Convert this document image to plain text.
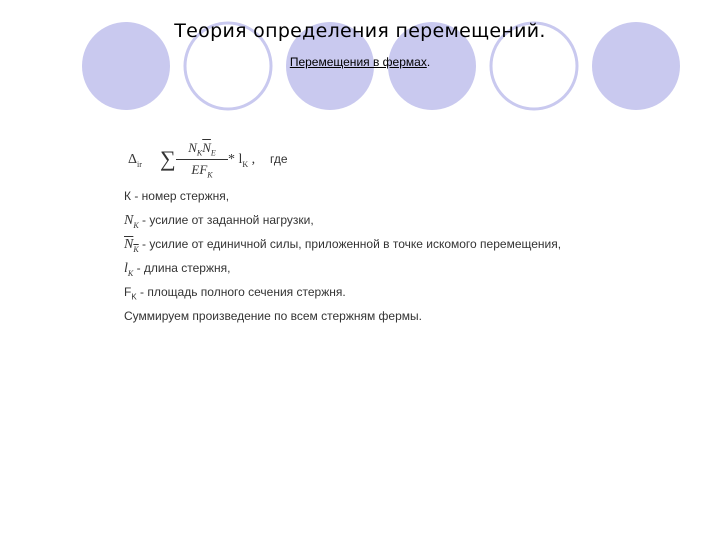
Теория определения перемещений.
Перемещения в фермах.
$\Delta_{ir}$ ∑ $N_K\overline{N}_E$
$EF_K$
* $l_K$ , где
К - номер стержня,
$N_K$ - усилие от заданной нагрузки,
$N_K$ - усилие от единичной силы, приложенной в точке искомого перемещения,
$l_K$ - длина стержня,
$F_K$ - площадь полного сечения стержня.
Суммируем произведение по всем стержням фермы.
